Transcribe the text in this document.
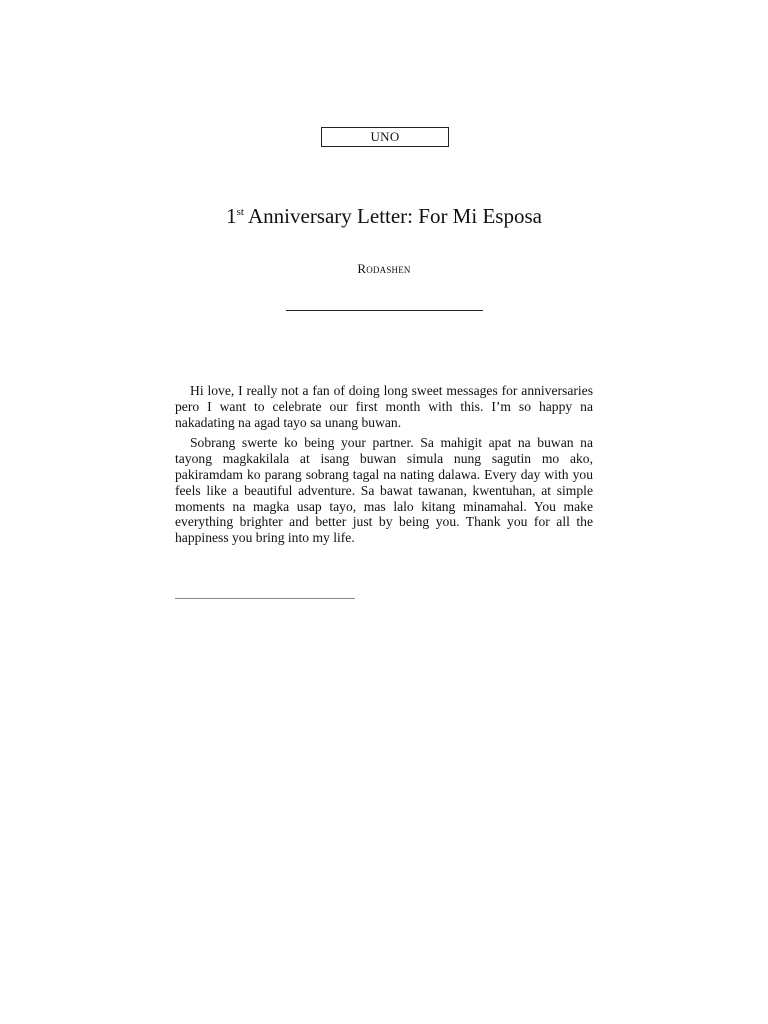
UNO
1st Anniversary Letter: For Mi Esposa
Rodashen

Hi love, I really not a fan of doing long sweet messages for anniversaries pero I want to celebrate our first month with this. I’m so happy na nakadating na agad tayo sa unang buwan.

Sobrang swerte ko being your partner. Sa mahigit apat na buwan na tayong magkakilala at isang buwan simula nung sagutin mo ako, pakiramdam ko parang sobrang tagal na nating dalawa. Every day with you feels like a beautiful adventure. Sa bawat tawanan, kwentuhan, at simple moments na magka usap tayo, mas lalo kitang minamahal. You make everything brighter and better just by being you. Thank you for all the happiness you bring into my life.
